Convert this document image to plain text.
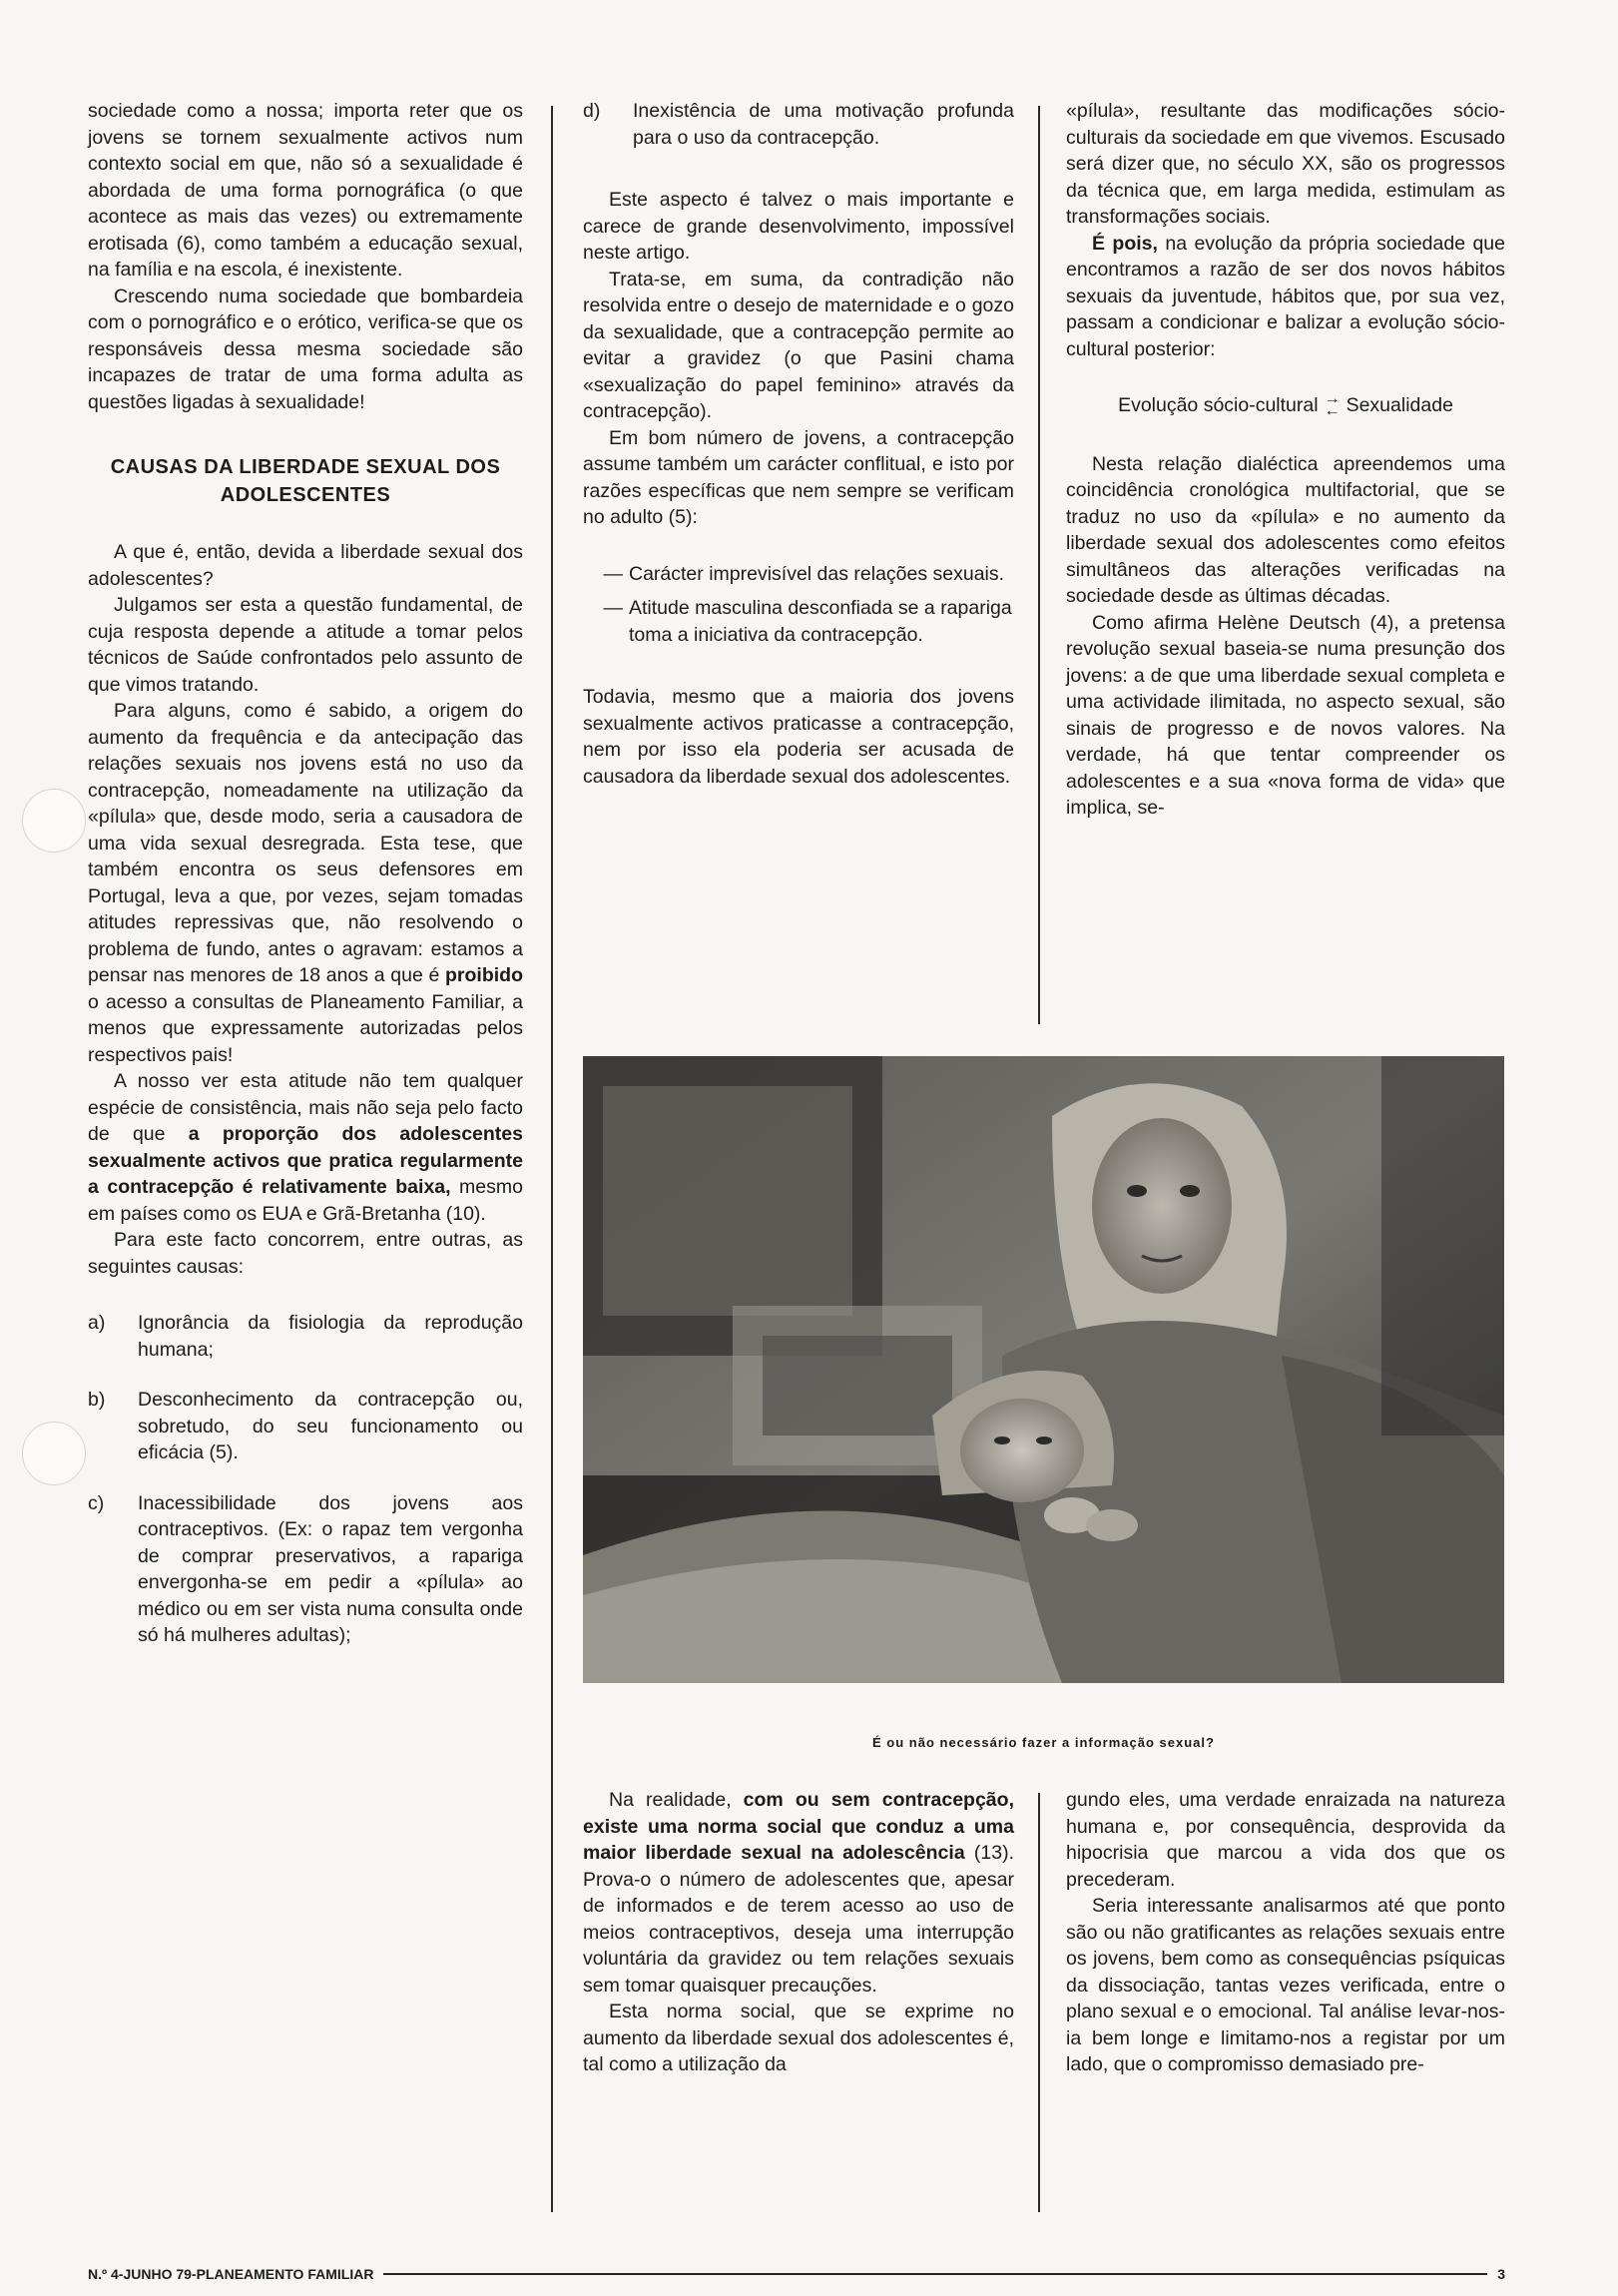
sociedade como a nossa; importa reter que os jovens se tornem sexualmente activos num contexto social em que, não só a sexualidade é abordada de uma forma pornográfica (o que acontece as mais das vezes) ou extremamente erotisada (6), como também a educação sexual, na família e na escola, é inexistente.

Crescendo numa sociedade que bombardeia com o pornográfico e o erótico, verifica-se que os responsáveis dessa mesma sociedade são incapazes de tratar de uma forma adulta as questões ligadas à sexualidade!

CAUSAS DA LIBERDADE SEXUAL DOS ADOLESCENTES

A que é, então, devida a liberdade sexual dos adolescentes?

Julgamos ser esta a questão fundamental, de cuja resposta depende a atitude a tomar pelos técnicos de Saúde confrontados pelo assunto de que vimos tratando.

Para alguns, como é sabido, a origem do aumento da frequência e da antecipação das relações sexuais nos jovens está no uso da contracepção, nomeadamente na utilização da «pílula» que, desde modo, seria a causadora de uma vida sexual desregrada. Esta tese, que também encontra os seus defensores em Portugal, leva a que, por vezes, sejam tomadas atitudes repressivas que, não resolvendo o problema de fundo, antes o agravam: estamos a pensar nas menores de 18 anos a que é proibido o acesso a consultas de Planeamento Familiar, a menos que expressamente autorizadas pelos respectivos pais!

A nosso ver esta atitude não tem qualquer espécie de consistência, mais não seja pelo facto de que a proporção dos adolescentes sexualmente activos que pratica regularmente a contracepção é relativamente baixa, mesmo em países como os EUA e Grã-Bretanha (10).

Para este facto concorrem, entre outras, as seguintes causas:

a)	Ignorância da fisiologia da reprodução humana;
b)	Desconhecimento da contracepção ou, sobretudo, do seu funcionamento ou eficácia (5).
c)	Inacessibilidade dos jovens aos contraceptivos. (Ex: o rapaz tem vergonha de comprar preservativos, a rapariga envergonha-se em pedir a «pílula» ao médico ou em ser vista numa consulta onde só há mulheres adultas);
d)	Inexistência de uma motivação profunda para o uso da contracepção.

Este aspecto é talvez o mais importante e carece de grande desenvolvimento, impossível neste artigo.

Trata-se, em suma, da contradição não resolvida entre o desejo de maternidade e o gozo da sexualidade, que a contracepção permite ao evitar a gravidez (o que Pasini chama «sexualização do papel feminino» através da contracepção).

Em bom número de jovens, a contracepção assume também um carácter conflitual, e isto por razões específicas que nem sempre se verificam no adulto (5):

— Carácter imprevisível das relações sexuais.
— Atitude masculina desconfiada se a rapariga toma a iniciativa da contracepção.

Todavia, mesmo que a maioria dos jovens sexualmente activos praticasse a contracepção, nem por isso ela poderia ser acusada de causadora da liberdade sexual dos adolescentes.

«pílula», resultante das modificações sócio-culturais da sociedade em que vivemos. Escusado será dizer que, no século XX, são os progressos da técnica que, em larga medida, estimulam as transformações sociais.

É pois, na evolução da própria sociedade que encontramos a razão de ser dos novos hábitos sexuais da juventude, hábitos que, por sua vez, passam a condicionar e balizar a evolução sócio-cultural posterior:

Evolução sócio-cultural →
← Sexualidade

Nesta relação dialéctica apreendemos uma coincidência cronológica multifactorial, que se traduz no uso da «pílula» e no aumento da liberdade sexual dos adolescentes como efeitos simultâneos das alterações verificadas na sociedade desde as últimas décadas.

Como afirma Helène Deutsch (4), a pretensa revolução sexual baseia-se numa presunção dos jovens: a de que uma liberdade sexual completa e uma actividade ilimitada, no aspecto sexual, são sinais de progresso e de novos valores. Na verdade, há que tentar compreender os adolescentes e a sua «nova forma de vida» que implica, se-

É ou não necessário fazer a informação sexual?

Na realidade, com ou sem contracepção, existe uma norma social que conduz a uma maior liberdade sexual na adolescência (13). Prova-o o número de adolescentes que, apesar de informados e de terem acesso ao uso de meios contraceptivos, deseja uma interrupção voluntária da gravidez ou tem relações sexuais sem tomar quaisquer precauções.

Esta norma social, que se exprime no aumento da liberdade sexual dos adolescentes é, tal como a utilização da

gundo eles, uma verdade enraizada na natureza humana e, por consequência, desprovida da hipocrisia que marcou a vida dos que os precederam.

Seria interessante analisarmos até que ponto são ou não gratificantes as relações sexuais entre os jovens, bem como as consequências psíquicas da dissociação, tantas vezes verificada, entre o plano sexual e o emocional. Tal análise levar-nos-ia bem longe e limitamo-nos a registar por um lado, que o compromisso demasiado pre-

N.º 4-JUNHO 79-PLANEAMENTO FAMILIAR	3
